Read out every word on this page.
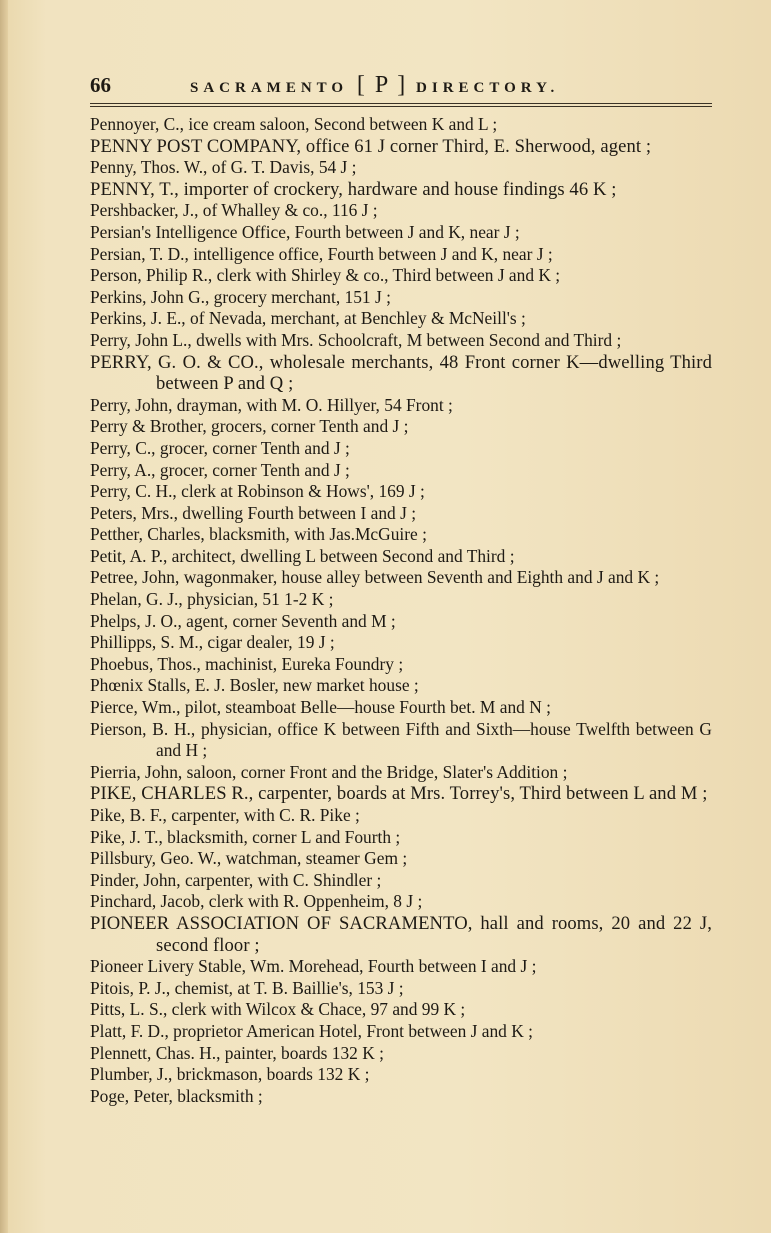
66	SACRAMENTO [ P ] DIRECTORY.
Pennoyer, C., ice cream saloon, Second between K and L ;
PENNY POST COMPANY, office 61 J corner Third, E. Sherwood, agent ;
Penny, Thos. W., of G. T. Davis, 54 J ;
PENNY, T., importer of crockery, hardware and house findings 46 K ;
Pershbacker, J., of Whalley & co., 116 J ;
Persian's Intelligence Office, Fourth between J and K, near J ;
Persian, T. D., intelligence office, Fourth between J and K, near J ;
Person, Philip R., clerk with Shirley & co., Third between J and K ;
Perkins, John G., grocery merchant, 151 J ;
Perkins, J. E., of Nevada, merchant, at Benchley & McNeill's ;
Perry, John L., dwells with Mrs. Schoolcraft, M between Second and Third ;
PERRY, G. O. & CO., wholesale merchants, 48 Front corner K—dwelling Third between P and Q ;
Perry, John, drayman, with M. O. Hillyer, 54 Front ;
Perry & Brother, grocers, corner Tenth and J ;
Perry, C., grocer, corner Tenth and J ;
Perry, A., grocer, corner Tenth and J ;
Perry, C. H., clerk at Robinson & Hows', 169 J ;
Peters, Mrs., dwelling Fourth between I and J ;
Petther, Charles, blacksmith, with Jas.McGuire ;
Petit, A. P., architect, dwelling L between Second and Third ;
Petree, John, wagonmaker, house alley between Seventh and Eighth and J and K ;
Phelan, G. J., physician, 51 1-2 K ;
Phelps, J. O., agent, corner Seventh and M ;
Phillipps, S. M., cigar dealer, 19 J ;
Phoebus, Thos., machinist, Eureka Foundry ;
Phœnix Stalls, E. J. Bosler, new market house ;
Pierce, Wm., pilot, steamboat Belle—house Fourth bet. M and N ;
Pierson, B. H., physician, office K between Fifth and Sixth—house Twelfth between G and H ;
Pierria, John, saloon, corner Front and the Bridge, Slater's Addition ;
PIKE, CHARLES R., carpenter, boards at Mrs. Torrey's, Third between L and M ;
Pike, B. F., carpenter, with C. R. Pike ;
Pike, J. T., blacksmith, corner L and Fourth ;
Pillsbury, Geo. W., watchman, steamer Gem ;
Pinder, John, carpenter, with C. Shindler ;
Pinchard, Jacob, clerk with R. Oppenheim, 8 J ;
PIONEER ASSOCIATION OF SACRAMENTO, hall and rooms, 20 and 22 J, second floor ;
Pioneer Livery Stable, Wm. Morehead, Fourth between I and J ;
Pitois, P. J., chemist, at T. B. Baillie's, 153 J ;
Pitts, L. S., clerk with Wilcox & Chace, 97 and 99 K ;
Platt, F. D., proprietor American Hotel, Front between J and K ;
Plennett, Chas. H., painter, boards 132 K ;
Plumber, J., brickmason, boards 132 K ;
Poge, Peter, blacksmith ;
